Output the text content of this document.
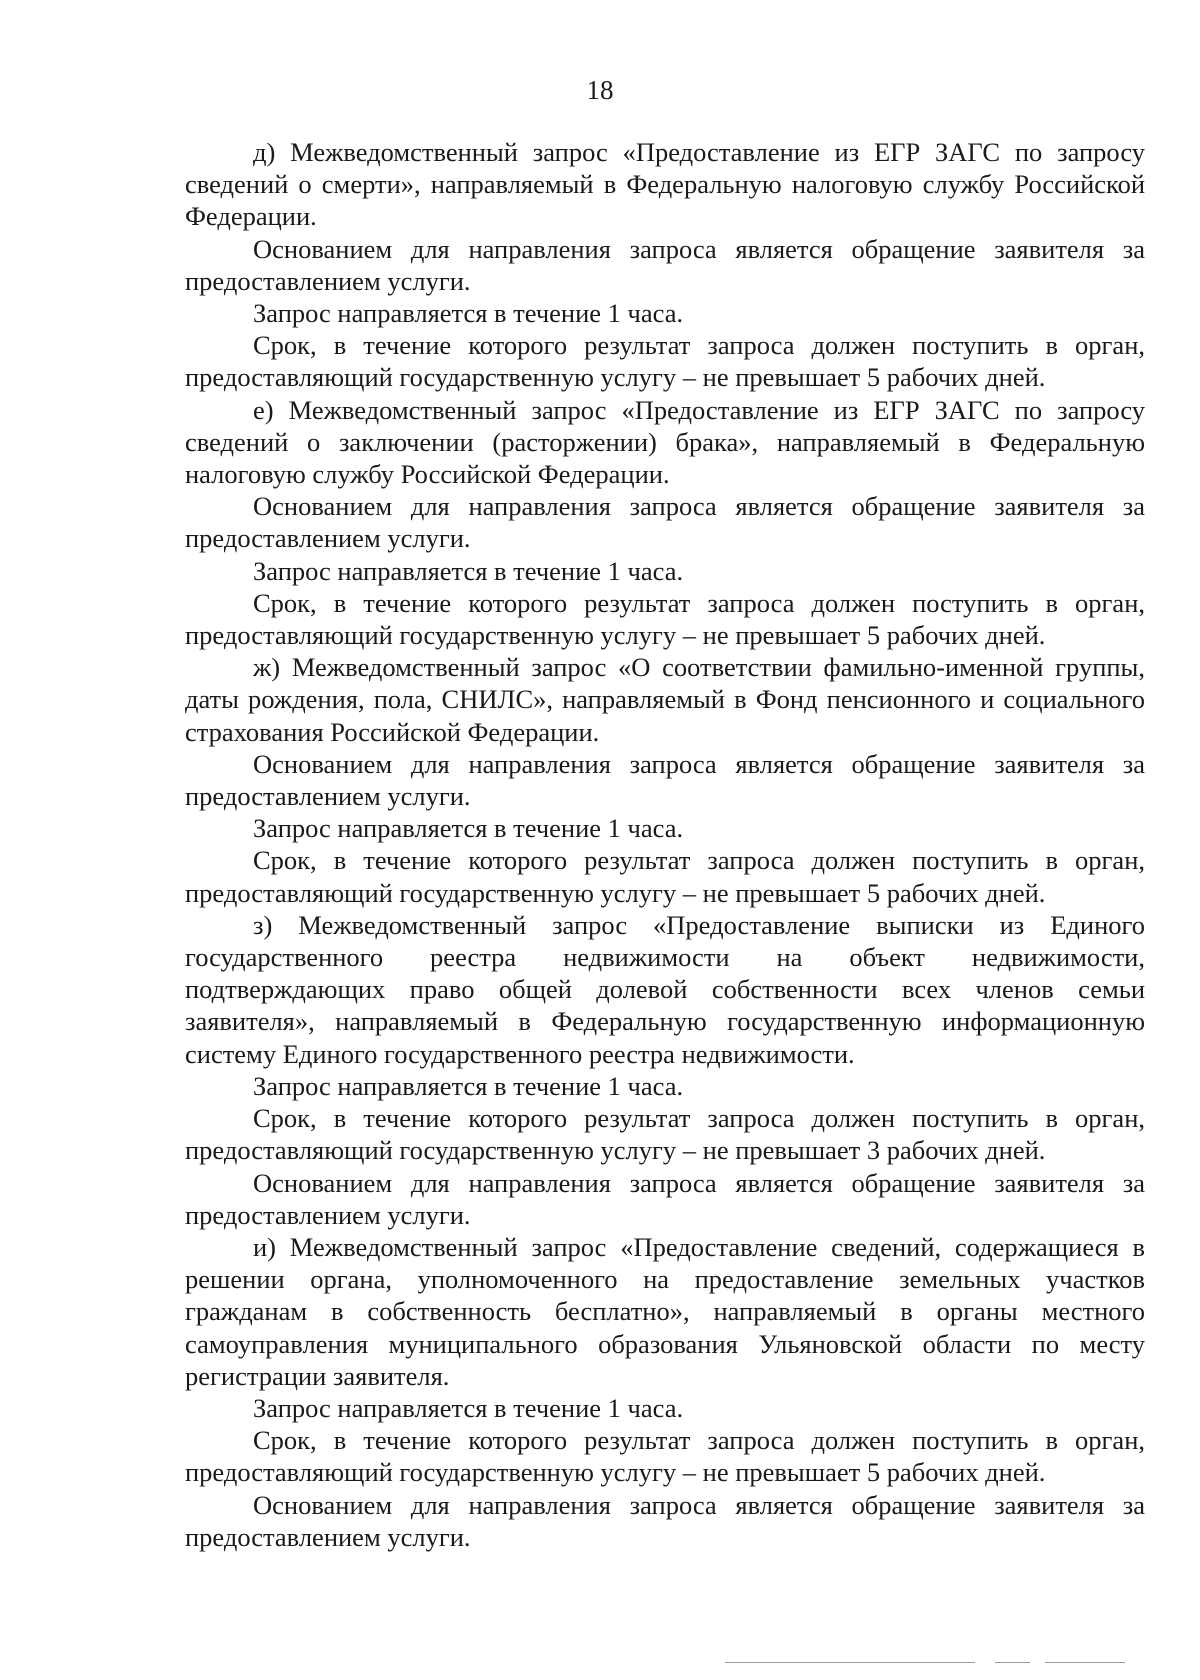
18

д) Межведомственный запрос «Предоставление из ЕГР ЗАГС по запросу сведений о смерти», направляемый в Федеральную налоговую службу Российской Федерации.

Основанием для направления запроса является обращение заявителя за предоставлением услуги.

Запрос направляется в течение 1 часа.

Срок, в течение которого результат запроса должен поступить в орган, предоставляющий государственную услугу – не превышает 5 рабочих дней.

е) Межведомственный запрос «Предоставление из ЕГР ЗАГС по запросу сведений о заключении (расторжении) брака», направляемый в Федеральную налоговую службу Российской Федерации.

Основанием для направления запроса является обращение заявителя за предоставлением услуги.

Запрос направляется в течение 1 часа.

Срок, в течение которого результат запроса должен поступить в орган, предоставляющий государственную услугу – не превышает 5 рабочих дней.

ж) Межведомственный запрос «О соответствии фамильно-именной группы, даты рождения, пола, СНИЛС», направляемый в Фонд пенсионного и социального страхования Российской Федерации.

Основанием для направления запроса является обращение заявителя за предоставлением услуги.

Запрос направляется в течение 1 часа.

Срок, в течение которого результат запроса должен поступить в орган, предоставляющий государственную услугу – не превышает 5 рабочих дней.

з) Межведомственный запрос «Предоставление выписки из Единого государственного реестра недвижимости на объект недвижимости, подтверждающих право общей долевой собственности всех членов семьи заявителя», направляемый в Федеральную государственную информационную систему Единого государственного реестра недвижимости.

Запрос направляется в течение 1 часа.

Срок, в течение которого результат запроса должен поступить в орган, предоставляющий государственную услугу – не превышает 3 рабочих дней.

Основанием для направления запроса является обращение заявителя за предоставлением услуги.

и) Межведомственный запрос «Предоставление сведений, содержащиеся в решении органа, уполномоченного на предоставление земельных участков гражданам в собственность бесплатно», направляемый в органы местного самоуправления муниципального образования Ульяновской области по месту регистрации заявителя.

Запрос направляется в течение 1 часа.

Срок, в течение которого результат запроса должен поступить в орган, предоставляющий государственную услугу – не превышает 5 рабочих дней.

Основанием для направления запроса является обращение заявителя за предоставлением услуги.
